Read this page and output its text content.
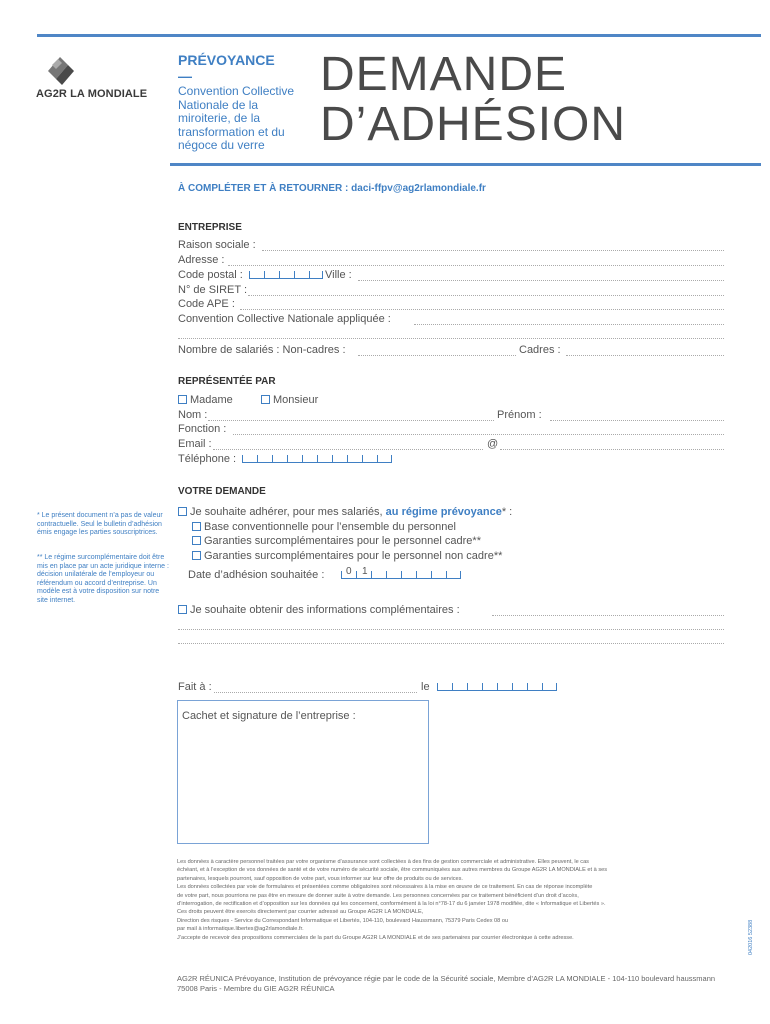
AG2R LA MONDIALE
PRÉVOYANCE
—
Convention Collective
Nationale de la
miroiterie, de la
transformation et du
négoce du verre
DEMANDE
D’ADHÉSION
À COMPLÉTER ET À RETOURNER : daci-ffpv@ag2rlamondiale.fr
ENTREPRISE
Raison sociale :
Adresse :
Code postal :	Ville :
N° de SIRET :
Code APE :
Convention Collective Nationale appliquée :
Nombre de salariés : Non-cadres :	Cadres :
REPRÉSENTÉE PAR
Madame	Monsieur
Nom :	Prénom :
Fonction :
Email :	@
Téléphone :
VOTRE DEMANDE
Je souhaite adhérer, pour mes salariés, au régime prévoyance* :
Base conventionnelle pour l’ensemble du personnel
Garanties surcomplémentaires pour le personnel cadre**
Garanties surcomplémentaires pour le personnel non cadre**
Date d’adhésion souhaitée : 0 1
Je souhaite obtenir des informations complémentaires :
* Le présent document n’a pas de valeur contractuelle. Seul le bulletin d’adhésion émis engage les parties souscriptrices.
** Le régime surcomplémentaire doit être mis en place par un acte juridique interne : décision unilatérale de l’employeur ou référendum ou accord d’entreprise. Un modèle est à votre disposition sur notre site internet.
Fait à :	le
Cachet et signature de l’entreprise :
Les données à caractère personnel traitées par votre organisme d’assurance sont collectées à des fins de gestion commerciale et administrative. Elles peuvent, le cas
échéant, et à l’exception de vos données de santé et de votre numéro de sécurité sociale, être communiquées aux autres membres du Groupe AG2R LA MONDIALE et à ses
partenaires, lesquels pourront, sauf opposition de votre part, vous informer sur leur offre de produits ou de services.
Les données collectées par voie de formulaires et présentées comme obligatoires sont nécessaires à la mise en œuvre de ce traitement. En cas de réponse incomplète
de votre part, nous pourrions ne pas être en mesure de donner suite à votre demande. Les personnes concernées par ce traitement bénéficient d’un droit d’accès,
d’interrogation, de rectification et d’opposition sur les données qui les concernent, conformément à la loi n°78-17 du 6 janvier 1978 modifiée, dite « Informatique et Libertés ».
Ces droits peuvent être exercés directement par courrier adressé au Groupe AG2R LA MONDIALE,
Direction des risques - Service du Correspondant Informatique et Libertés, 104-110, boulevard Haussmann, 75379 Paris Cedex 08 ou
par mail à informatique.libertes@ag2rlamondiale.fr.
J’accepte de recevoir des propositions commerciales de la part du Groupe AG2R LA MONDIALE et de ses partenaires par courrier électronique à cette adresse.
AG2R RÉUNICA Prévoyance, Institution de prévoyance régie par le code de la Sécurité sociale, Membre d’AG2R LA MONDIALE - 104-110 boulevard haussmann 75008 Paris - Membre du GIE AG2R RÉUNICA
042016 52388
